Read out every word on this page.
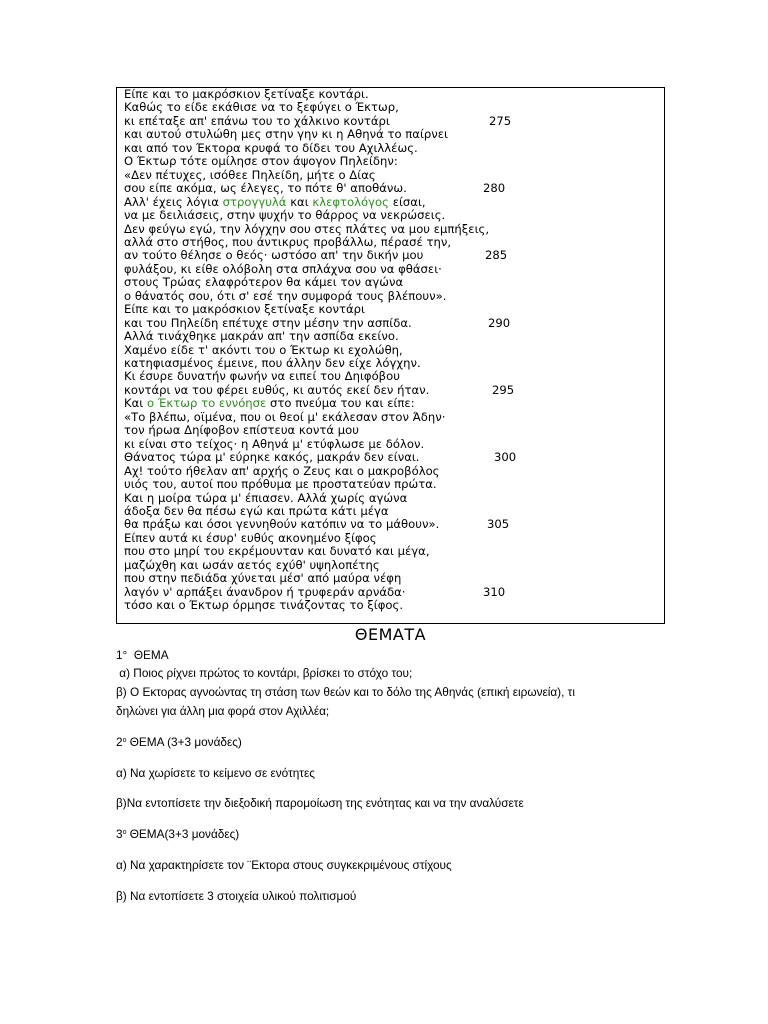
Είπε και το μακρόσκιον ξετίναξε κοντάρι.
Καθώς το είδε εκάθισε να το ξεφύγει ο Έκτωρ,
κι επέταξε απ' επάνω του το χάλκινο κοντάρι	275
και αυτού στυλώθη μες στην γην κι η Αθηνά το παίρνει
και από τον Έκτορα κρυφά το δίδει του Αχιλλέως.
Ο Έκτωρ τότε ομίλησε στον άψογον Πηλείδην:
«Δεν πέτυχες, ισόθεε Πηλείδη, μήτε ο Δίας
σου είπε ακόμα, ως έλεγες, το πότε θ' αποθάνω.	280
Αλλ' έχεις λόγια στρογγυλά και κλεφτολόγος είσαι,
να με δειλιάσεις, στην ψυχήν το θάρρος να νεκρώσεις.
Δεν φεύγω εγώ, την λόγχην σου στες πλάτες να μου εμπήξεις,
αλλά στο στήθος, που άντικρυς προβάλλω, πέρασέ την,
αν τούτο θέλησε ο θεός· ωστόσο απ' την δικήν μου	285
φυλάξου, κι είθε ολόβολη στα σπλάχνα σου να φθάσει·
στους Τρώας ελαφρότερον θα κάμει τον αγώνα
ο θάνατός σου, ότι σ' εσέ την συμφορά τους βλέπουν».
Είπε και το μακρόσκιον ξετίναξε κοντάρι
και του Πηλείδη επέτυχε στην μέσην την ασπίδα.	290
Αλλά τινάχθηκε μακράν απ' την ασπίδα εκείνο.
Χαμένο είδε τ' ακόντι του ο Έκτωρ κι εχολώθη,
κατηφιασμένος έμεινε, που άλλην δεν είχε λόγχην.
Κι έσυρε δυνατήν φωνήν να ειπεί του Δηιφόβου
κοντάρι να του φέρει ευθύς, κι αυτός εκεί δεν ήταν.	295
Και ο Έκτωρ το εννόησε στο πνεύμα του και είπε:
«Το βλέπω, οϊμένα, που οι θεοί μ' εκάλεσαν στον Άδην·
τον ήρωα Δηίφοβον επίστευα κοντά μου
κι είναι στο τείχος· η Αθηνά μ' ετύφλωσε με δόλον.
Θάνατος τώρα μ' εύρηκε κακός, μακράν δεν είναι.	300
Αχ! τούτο ήθελαν απ' αρχής ο Ζευς και ο μακροβόλος
υιός του, αυτοί που πρόθυμα με προστατεύαν πρώτα.
Και η μοίρα τώρα μ' έπιασεν. Αλλά χωρίς αγώνα
άδοξα δεν θα πέσω εγώ και πρώτα κάτι μέγα
θα πράξω και όσοι γεννηθούν κατόπιν να το μάθουν».	305
Είπεν αυτά κι έσυρ' ευθύς ακονημένο ξίφος
που στο μηρί του εκρέμουνταν και δυνατό και μέγα,
μαζώχθη και ωσάν αετός εχύθ' υψηλοπέτης
που στην πεδιάδα χύνεται μέσ' από μαύρα νέφη
λαγόν ν' αρπάξει άνανδρον ή τρυφεράν αρνάδα·	310
τόσο και ο Έκτωρ όρμησε τινάζοντας το ξίφος.
ΘΕΜΑΤΑ
1°  ΘΕΜΑ
α) Ποιος ρίχνει πρώτος το κοντάρι, βρίσκει το στόχο του;
β) Ο Εκτορας αγνοώντας τη στάση των θεών και το δόλο της Αθηνάς (επική ειρωνεία), τι
δηλώνει για άλλη μια φορά στον Αχιλλέα;
$2^o$ ΘΕΜΑ (3+3 μονάδες)
α) Να χωρίσετε το κείμενο σε ενότητες
β)Να εντοπίσετε την διεξοδική παρομοίωση της ενότητας και να την αναλύσετε
$3^o$ ΘΕΜΑ(3+3 μονάδες)
α) Να χαρακτηρίσετε τον ¨Εκτορα στους συγκεκριμένους στίχους
β) Να εντοπίσετε 3 στοιχεία υλικού πολιτισμού
